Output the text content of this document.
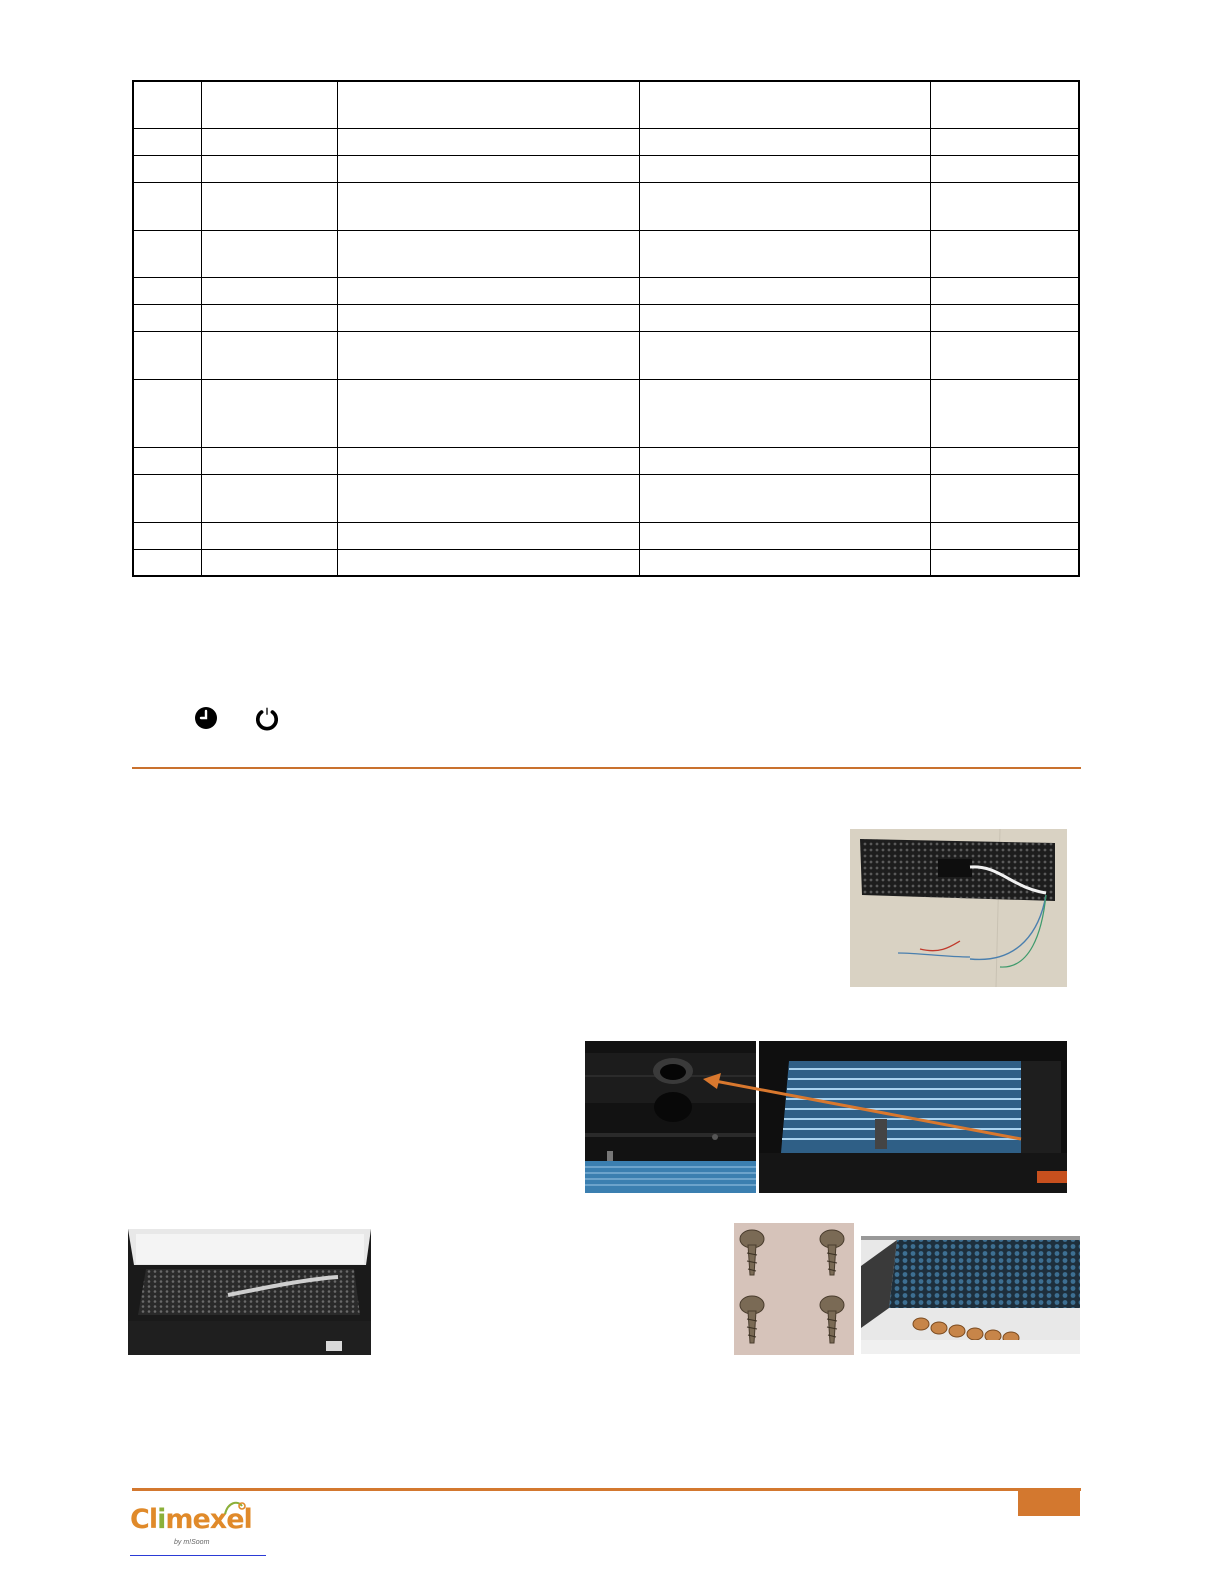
Climexel
by m!Soom
